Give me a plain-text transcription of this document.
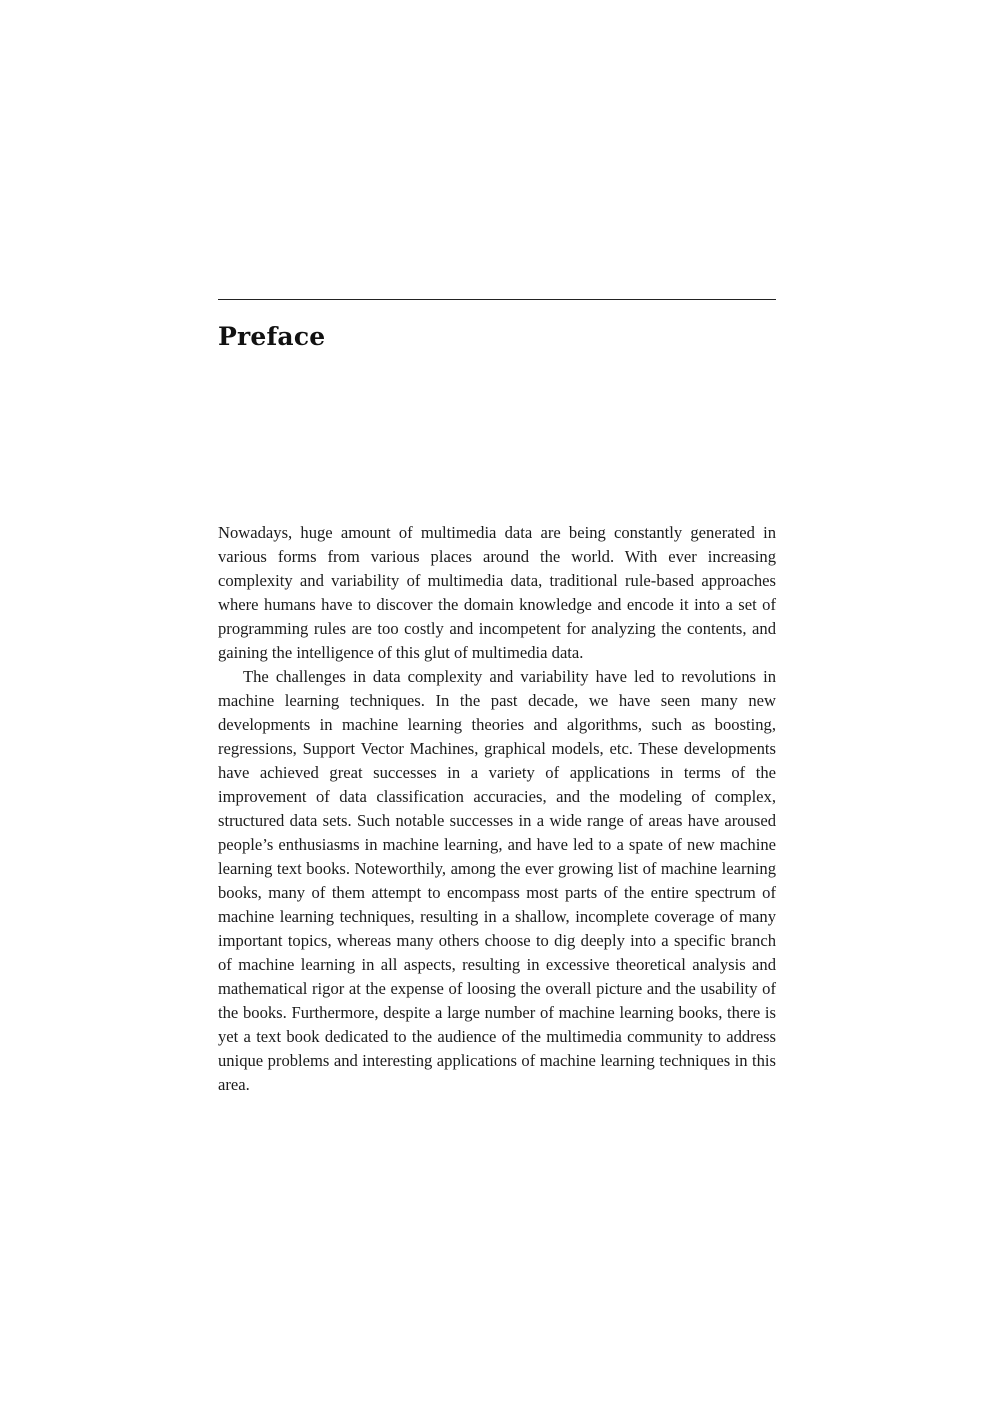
Preface

Nowadays, huge amount of multimedia data are being constantly generated in various forms from various places around the world. With ever increasing complexity and variability of multimedia data, traditional rule-based approaches where humans have to discover the domain knowledge and encode it into a set of programming rules are too costly and incompetent for analyzing the contents, and gaining the intelligence of this glut of multimedia data.

The challenges in data complexity and variability have led to revolutions in machine learning techniques. In the past decade, we have seen many new developments in machine learning theories and algorithms, such as boosting, regressions, Support Vector Machines, graphical models, etc. These developments have achieved great successes in a variety of applications in terms of the improvement of data classification accuracies, and the modeling of complex, structured data sets. Such notable successes in a wide range of areas have aroused people’s enthusiasms in machine learning, and have led to a spate of new machine learning text books. Noteworthily, among the ever growing list of machine learning books, many of them attempt to encompass most parts of the entire spectrum of machine learning techniques, resulting in a shallow, incomplete coverage of many important topics, whereas many others choose to dig deeply into a specific branch of machine learning in all aspects, resulting in excessive theoretical analysis and mathematical rigor at the expense of loosing the overall picture and the usability of the books. Furthermore, despite a large number of machine learning books, there is yet a text book dedicated to the audience of the multimedia community to address unique problems and interesting applications of machine learning techniques in this area.
